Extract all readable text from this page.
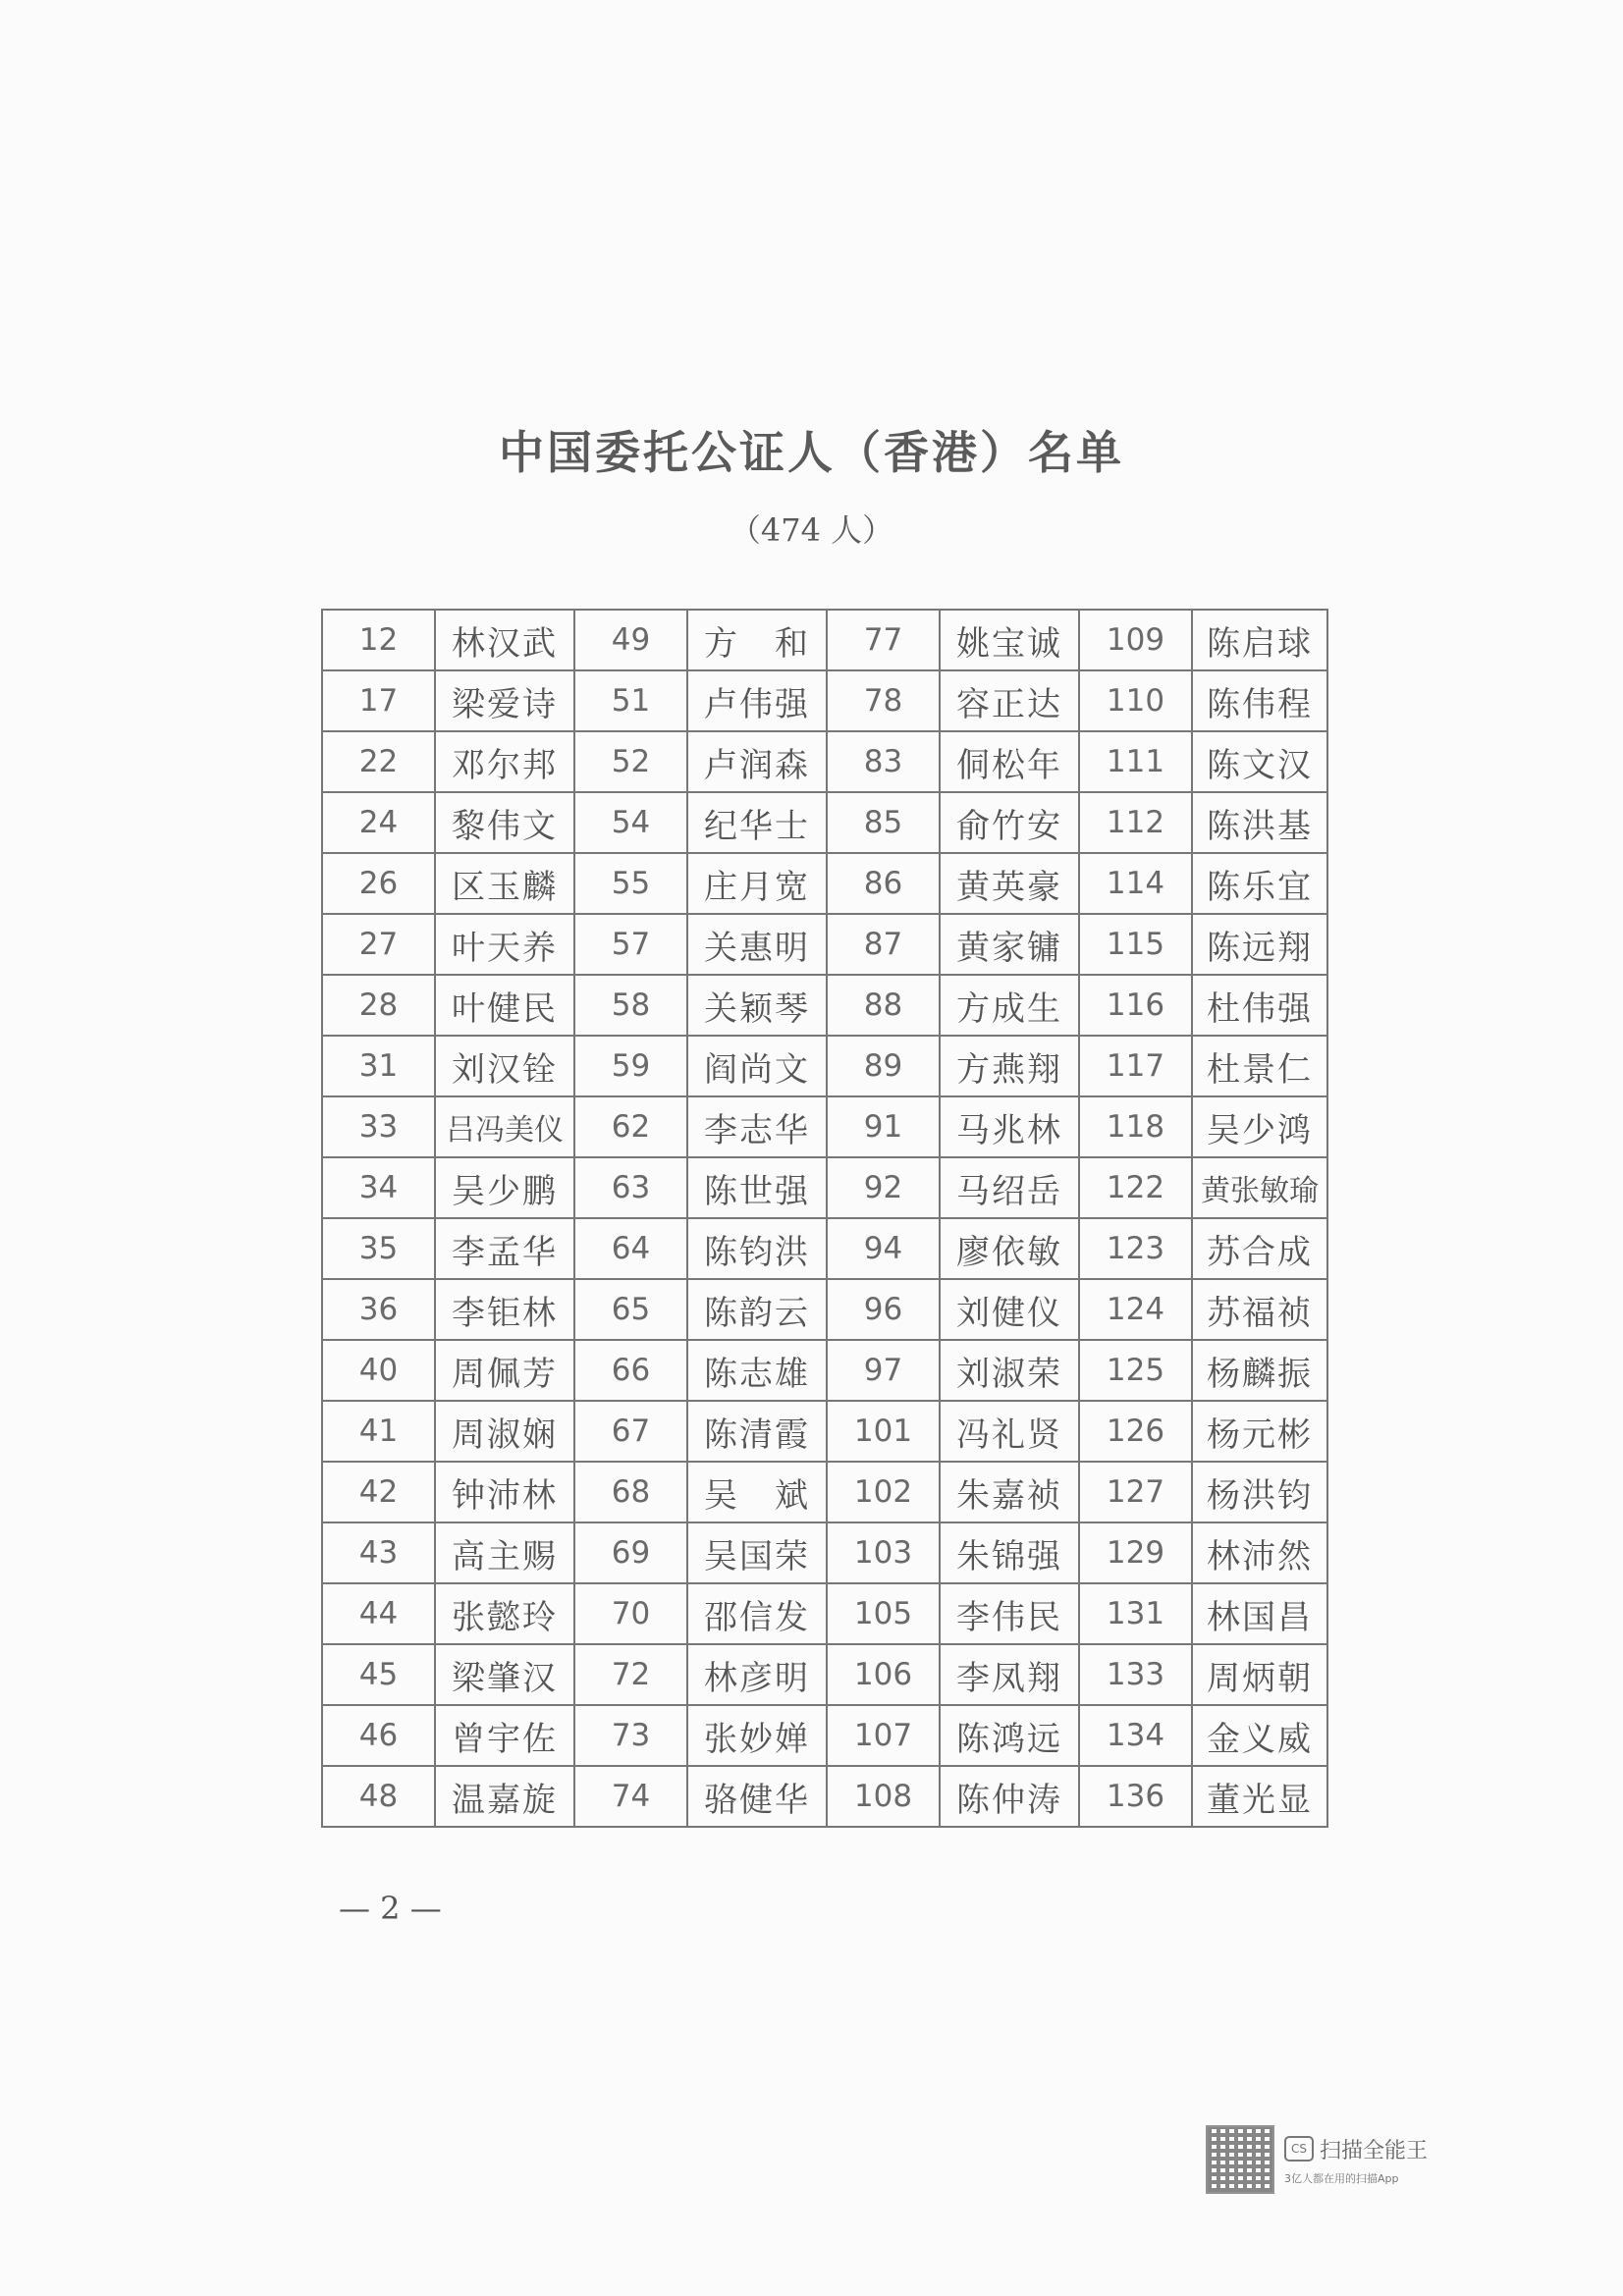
中国委托公证人（香港）名单
（474 人）
12	林汉武	49	方　和	77	姚宝诚	109	陈启球
17	梁爱诗	51	卢伟强	78	容正达	110	陈伟程
22	邓尔邦	52	卢润森	83	侗松年	111	陈文汉
24	黎伟文	54	纪华士	85	俞竹安	112	陈洪基
26	区玉麟	55	庄月宽	86	黄英豪	114	陈乐宜
27	叶天养	57	关惠明	87	黄家镛	115	陈远翔
28	叶健民	58	关颖琴	88	方成生	116	杜伟强
31	刘汉铨	59	阎尚文	89	方燕翔	117	杜景仁
33	吕冯美仪	62	李志华	91	马兆林	118	吴少鸿
34	吴少鹏	63	陈世强	92	马绍岳	122	黄张敏瑜
35	李孟华	64	陈钧洪	94	廖依敏	123	苏合成
36	李钜林	65	陈韵云	96	刘健仪	124	苏福祯
40	周佩芳	66	陈志雄	97	刘淑荣	125	杨麟振
41	周淑娴	67	陈清霞	101	冯礼贤	126	杨元彬
42	钟沛林	68	吴　斌	102	朱嘉祯	127	杨洪钧
43	高主赐	69	吴国荣	103	朱锦强	129	林沛然
44	张懿玲	70	邵信发	105	李伟民	131	林国昌
45	梁肇汉	72	林彦明	106	李凤翔	133	周炳朝
46	曾宇佐	73	张妙婵	107	陈鸿远	134	金义威
48	温嘉旋	74	骆健华	108	陈仲涛	136	董光显
— 2 —
CS 扫描全能王
3亿人都在用的扫描App
